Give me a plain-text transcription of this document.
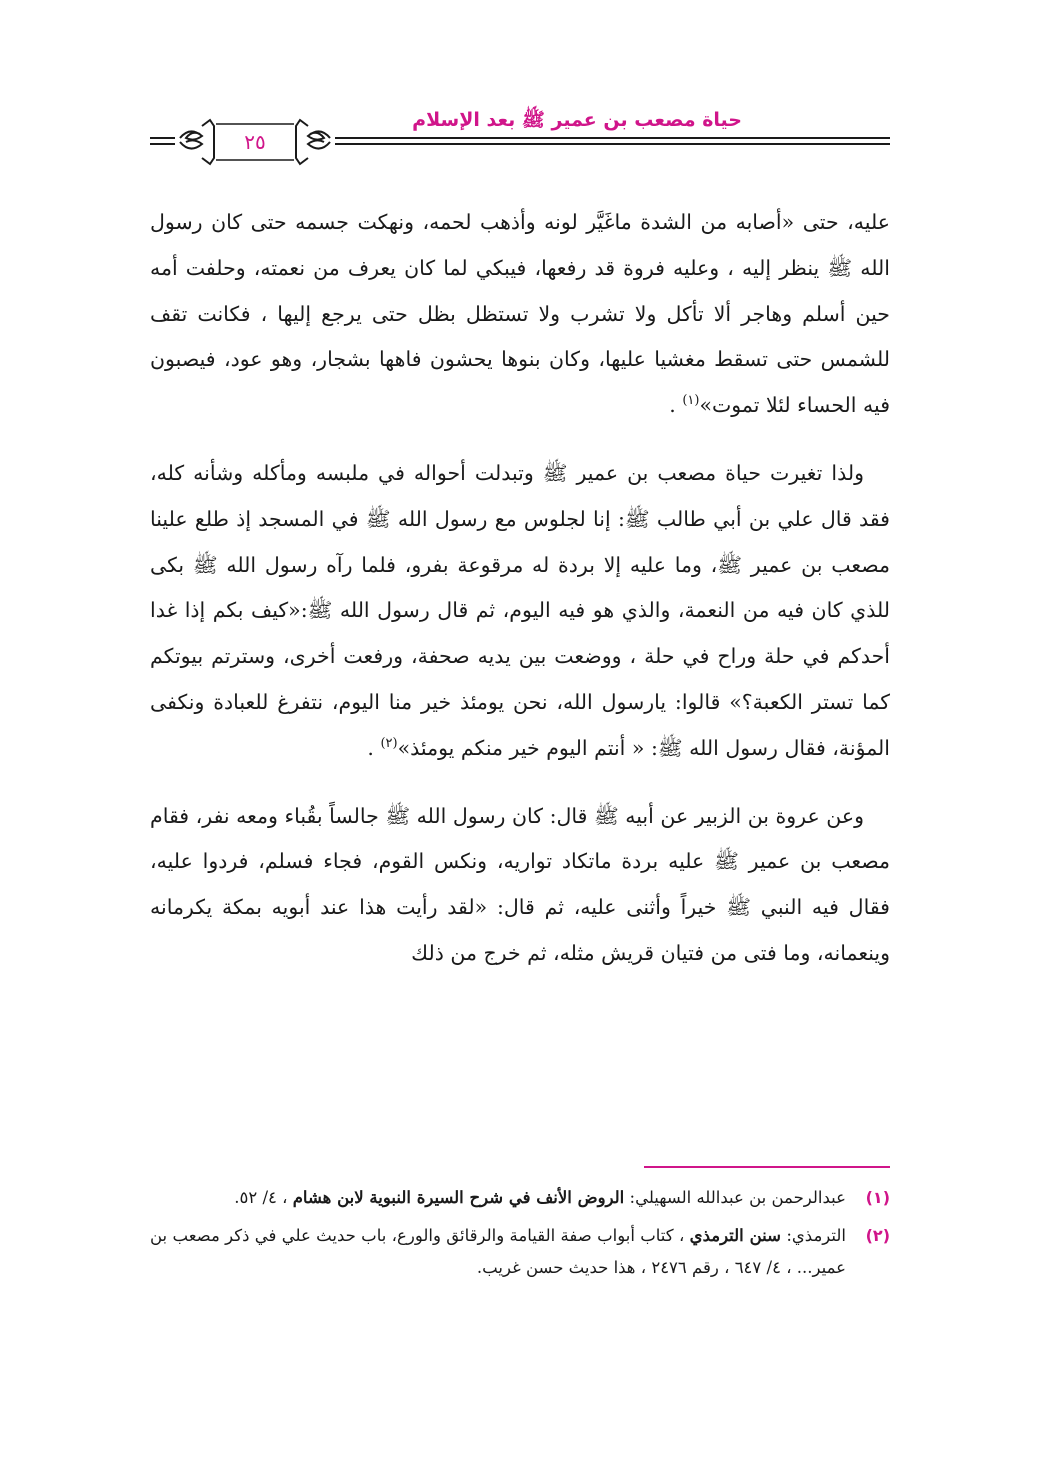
حياة مصعب بن عمير ﷺ بعد الإسلام
٢٥

عليه، حتى «أصابه من الشدة ماغَيَّر لونه وأذهب لحمه، ونهكت جسمه حتى كان رسول الله ﷺ ينظر إليه ، وعليه فروة قد رفعها، فيبكي لما كان يعرف من نعمته، وحلفت أمه حين أسلم وهاجر ألا تأكل ولا تشرب ولا تستظل بظل حتى يرجع إليها ، فكانت تقف للشمس حتى تسقط مغشيا عليها، وكان بنوها يحشون فاهها بشجار، وهو عود، فيصبون فيه الحساء لئلا تموت»$^{(١)}$ .

ولذا تغيرت حياة مصعب بن عمير ﷺ وتبدلت أحواله في ملبسه ومأكله وشأنه كله، فقد قال علي بن أبي طالب ﷺ: إنا لجلوس مع رسول الله ﷺ في المسجد إذ طلع علينا مصعب بن عمير ﷺ، وما عليه إلا بردة له مرقوعة بفرو، فلما رآه رسول الله ﷺ بكى للذي كان فيه من النعمة، والذي هو فيه اليوم، ثم قال رسول الله ﷺ:«كيف بكم إذا غدا أحدكم في حلة وراح في حلة ، ووضعت بين يديه صحفة، ورفعت أخرى، وسترتم بيوتكم كما تستر الكعبة؟» قالوا: يارسول الله، نحن يومئذ خير منا اليوم، نتفرغ للعبادة ونكفى المؤنة، فقال رسول الله ﷺ: « أنتم اليوم خير منكم يومئذ»$^{(٢)}$ .

وعن عروة بن الزبير عن أبيه ﷺ قال: كان رسول الله ﷺ جالساً بقُباء ومعه نفر، فقام مصعب بن عمير ﷺ عليه بردة ماتكاد تواريه، ونكس القوم، فجاء فسلم، فردوا عليه، فقال فيه النبي ﷺ خيراً وأثنى عليه، ثم قال: «لقد رأيت هذا عند أبويه بمكة يكرمانه وينعمانه، وما فتى من فتيان قريش مثله، ثم خرج من ذلك

(١)
عبدالرحمن بن عبدالله السهيلي: الروض الأنف في شرح السيرة النبوية لابن هشام ، ٤/ ٥٢.
(٢)
الترمذي: سنن الترمذي ، كتاب أبواب صفة القيامة والرقائق والورع، باب حديث علي في ذكر مصعب بن عمير... ، ٤/ ٦٤٧ ، رقم ٢٤٧٦ ، هذا حديث حسن غريب.
